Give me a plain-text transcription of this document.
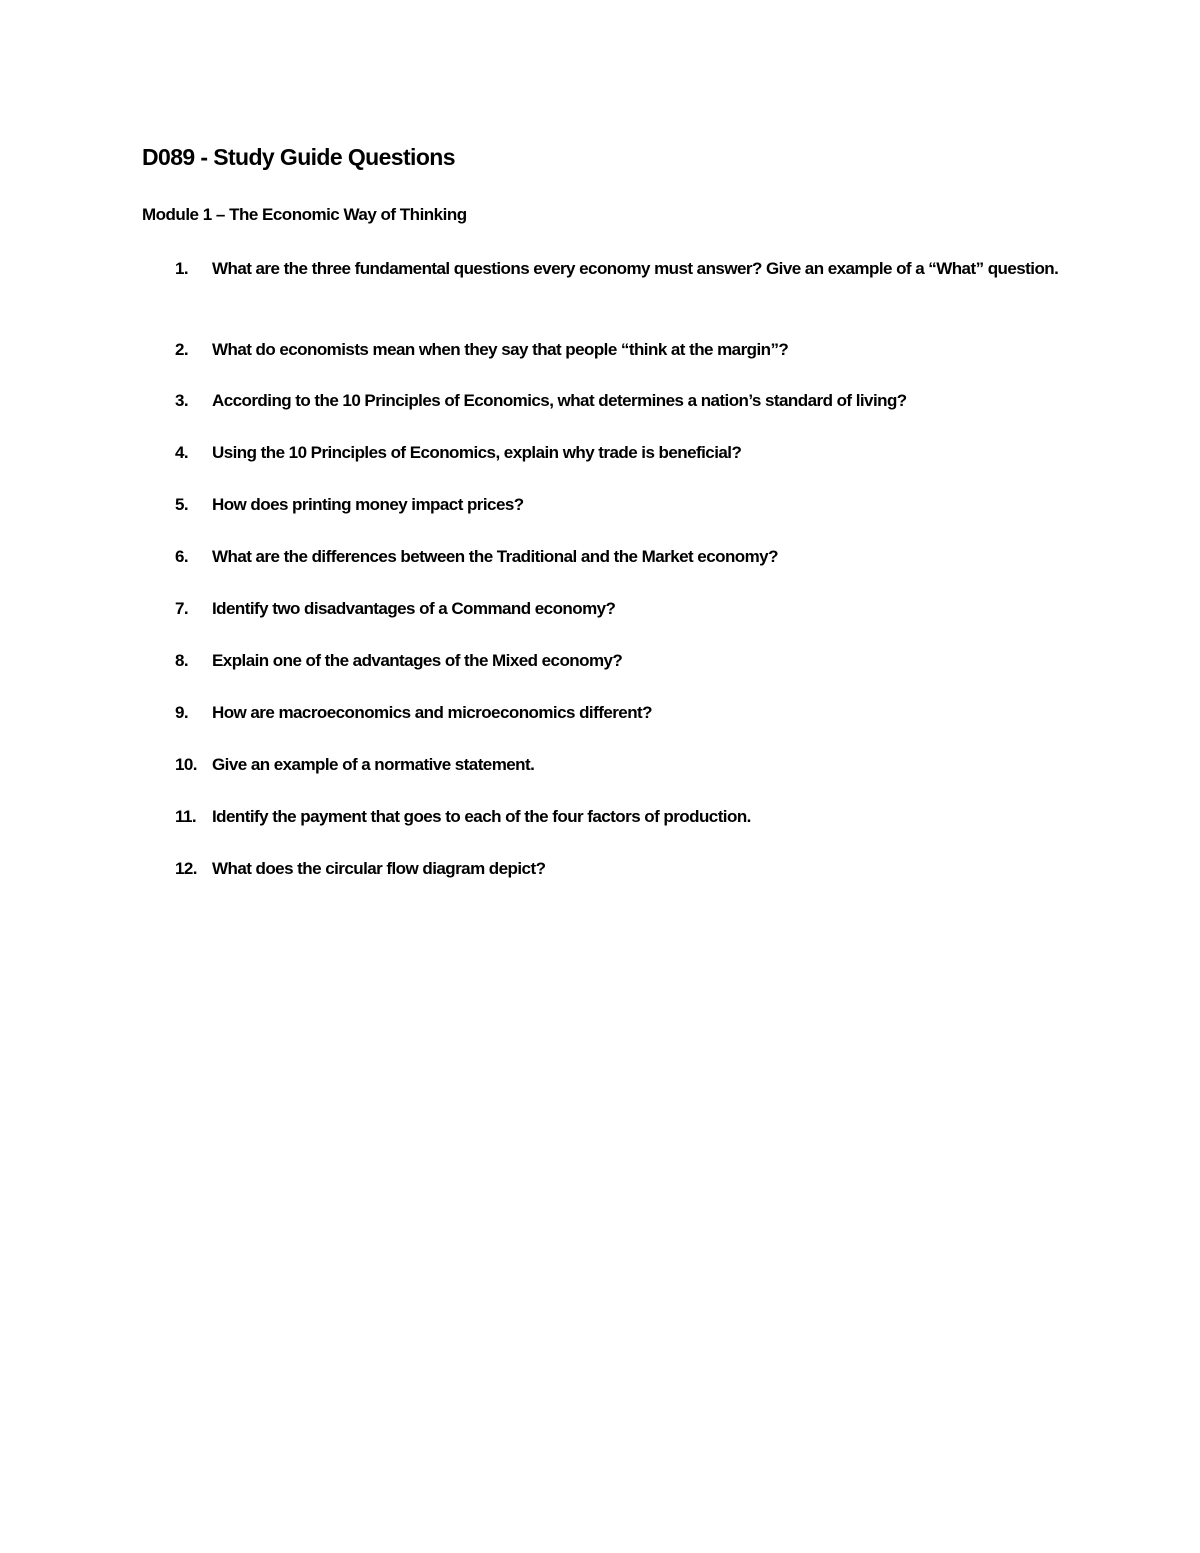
D089 - Study Guide Questions
Module 1 – The Economic Way of Thinking
1. What are the three fundamental questions every economy must answer? Give an example of a “What” question.
2. What do economists mean when they say that people “think at the margin”?
3. According to the 10 Principles of Economics, what determines a nation’s standard of living?
4. Using the 10 Principles of Economics, explain why trade is beneficial?
5. How does printing money impact prices?
6. What are the differences between the Traditional and the Market economy?
7. Identify two disadvantages of a Command economy?
8. Explain one of the advantages of the Mixed economy?
9. How are macroeconomics and microeconomics different?
10. Give an example of a normative statement.
11. Identify the payment that goes to each of the four factors of production.
12. What does the circular flow diagram depict?
